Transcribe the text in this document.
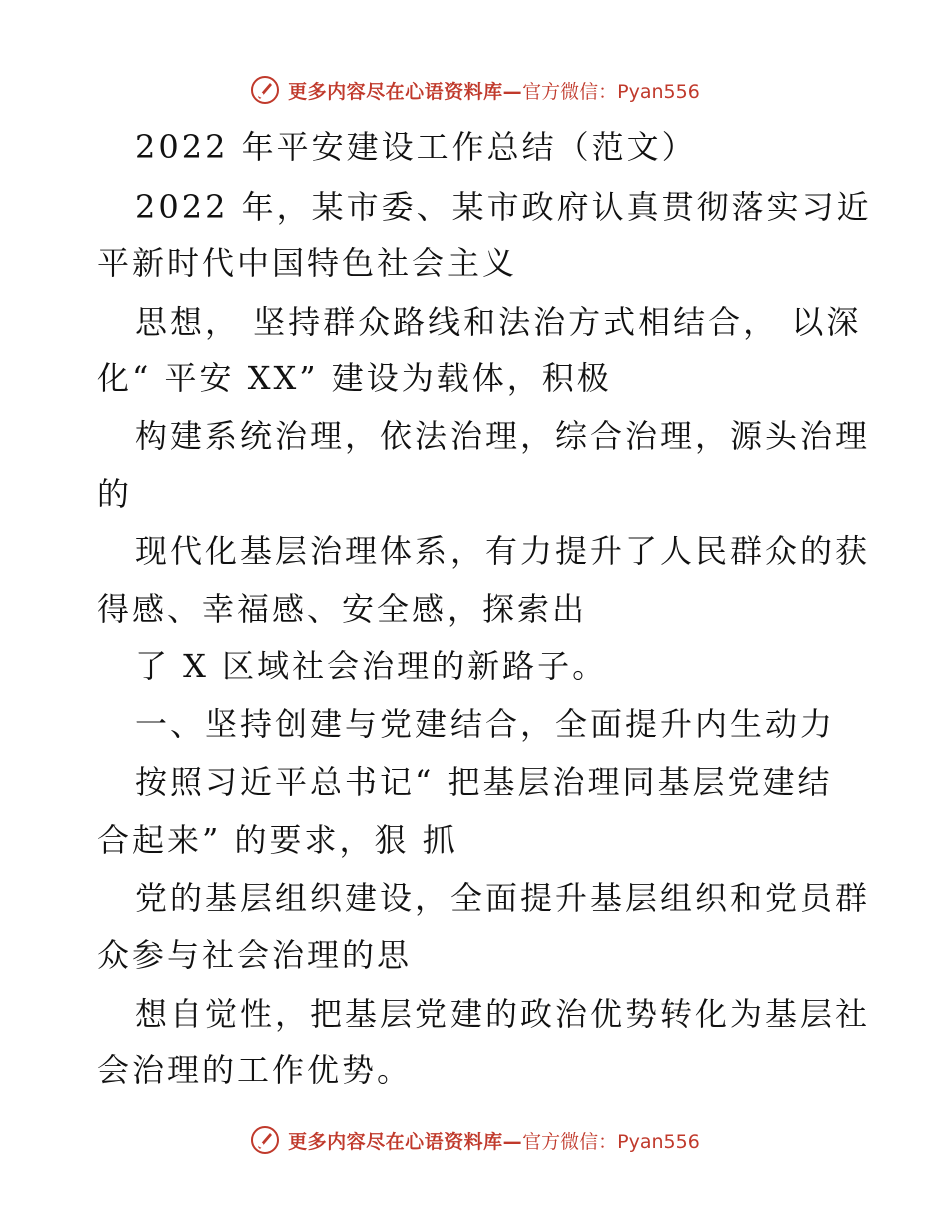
更多内容尽在心语资料库— 官方微信：Pyan556
2022 年平安建设工作总结（范文）
2022 年，某市委、某市政府认真贯彻落实习近
平新时代中国特色社会主义
思想， 坚持群众路线和法治方式相结合， 以深
化“ 平安 XX” 建设为载体，积极
构建系统治理，依法治理，综合治理，源头治理
的
现代化基层治理体系，有力提升了人民群众的获
得感、幸福感、安全感，探索出
了 X 区域社会治理的新路子。
一、坚持创建与党建结合，全面提升内生动力
按照习近平总书记“ 把基层治理同基层党建结
合起来” 的要求，狠 抓
党的基层组织建设，全面提升基层组织和党员群
众参与社会治理的思
想自觉性，把基层党建的政治优势转化为基层社
会治理的工作优势。
更多内容尽在心语资料库— 官方微信：Pyan556
